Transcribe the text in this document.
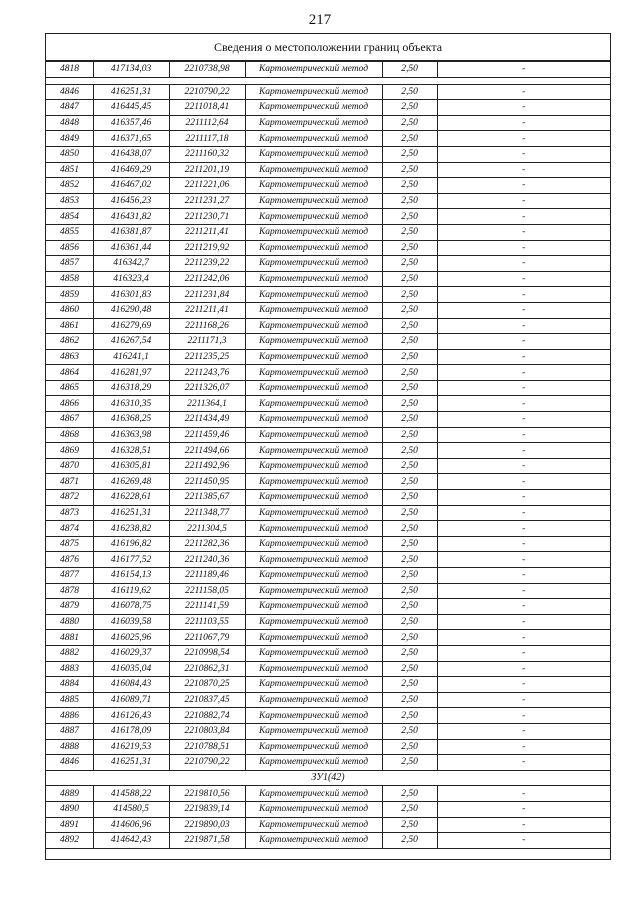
217
Сведения о местоположении границ объекта
4818	417134,03	2210738,98	Картометрический метод	2,50	-

4846	416251,31	2210790,22	Картометрический метод	2,50	-
4847	416445,45	2211018,41	Картометрический метод	2,50	-
4848	416357,46	2211112,64	Картометрический метод	2,50	-
4849	416371,65	2211117,18	Картометрический метод	2,50	-
4850	416438,07	2211160,32	Картометрический метод	2,50	-
4851	416469,29	2211201,19	Картометрический метод	2,50	-
4852	416467,02	2211221,06	Картометрический метод	2,50	-
4853	416456,23	2211231,27	Картометрический метод	2,50	-
4854	416431,82	2211230,71	Картометрический метод	2,50	-
4855	416381,87	2211211,41	Картометрический метод	2,50	-
4856	416361,44	2211219,92	Картометрический метод	2,50	-
4857	416342,7	2211239,22	Картометрический метод	2,50	-
4858	416323,4	2211242,06	Картометрический метод	2,50	-
4859	416301,83	2211231,84	Картометрический метод	2,50	-
4860	416290,48	2211211,41	Картометрический метод	2,50	-
4861	416279,69	2211168,26	Картометрический метод	2,50	-
4862	416267,54	2211171,3	Картометрический метод	2,50	-
4863	416241,1	2211235,25	Картометрический метод	2,50	-
4864	416281,97	2211243,76	Картометрический метод	2,50	-
4865	416318,29	2211326,07	Картометрический метод	2,50	-
4866	416310,35	2211364,1	Картометрический метод	2,50	-
4867	416368,25	2211434,49	Картометрический метод	2,50	-
4868	416363,98	2211459,46	Картометрический метод	2,50	-
4869	416328,51	2211494,66	Картометрический метод	2,50	-
4870	416305,81	2211492,96	Картометрический метод	2,50	-
4871	416269,48	2211450,95	Картометрический метод	2,50	-
4872	416228,61	2211385,67	Картометрический метод	2,50	-
4873	416251,31	2211348,77	Картометрический метод	2,50	-
4874	416238,82	2211304,5	Картометрический метод	2,50	-
4875	416196,82	2211282,36	Картометрический метод	2,50	-
4876	416177,52	2211240,36	Картометрический метод	2,50	-
4877	416154,13	2211189,46	Картометрический метод	2,50	-
4878	416119,62	2211158,05	Картометрический метод	2,50	-
4879	416078,75	2211141,59	Картометрический метод	2,50	-
4880	416039,58	2211103,55	Картометрический метод	2,50	-
4881	416025,96	2211067,79	Картометрический метод	2,50	-
4882	416029,37	2210998,54	Картометрический метод	2,50	-
4883	416035,04	2210862,31	Картометрический метод	2,50	-
4884	416084,43	2210870,25	Картометрический метод	2,50	-
4885	416089,71	2210837,45	Картометрический метод	2,50	-
4886	416126,43	2210882,74	Картометрический метод	2,50	-
4887	416178,09	2210803,84	Картометрический метод	2,50	-
4888	416219,53	2210788,51	Картометрический метод	2,50	-
4846	416251,31	2210790,22	Картометрический метод	2,50	-
ЗУ1(42)					
4889	414588,22	2219810,56	Картометрический метод	2,50	-
4890	414580,5	2219839,14	Картометрический метод	2,50	-
4891	414606,96	2219890,03	Картометрический метод	2,50	-
4892	414642,43	2219871,58	Картометрический метод	2,50	-
